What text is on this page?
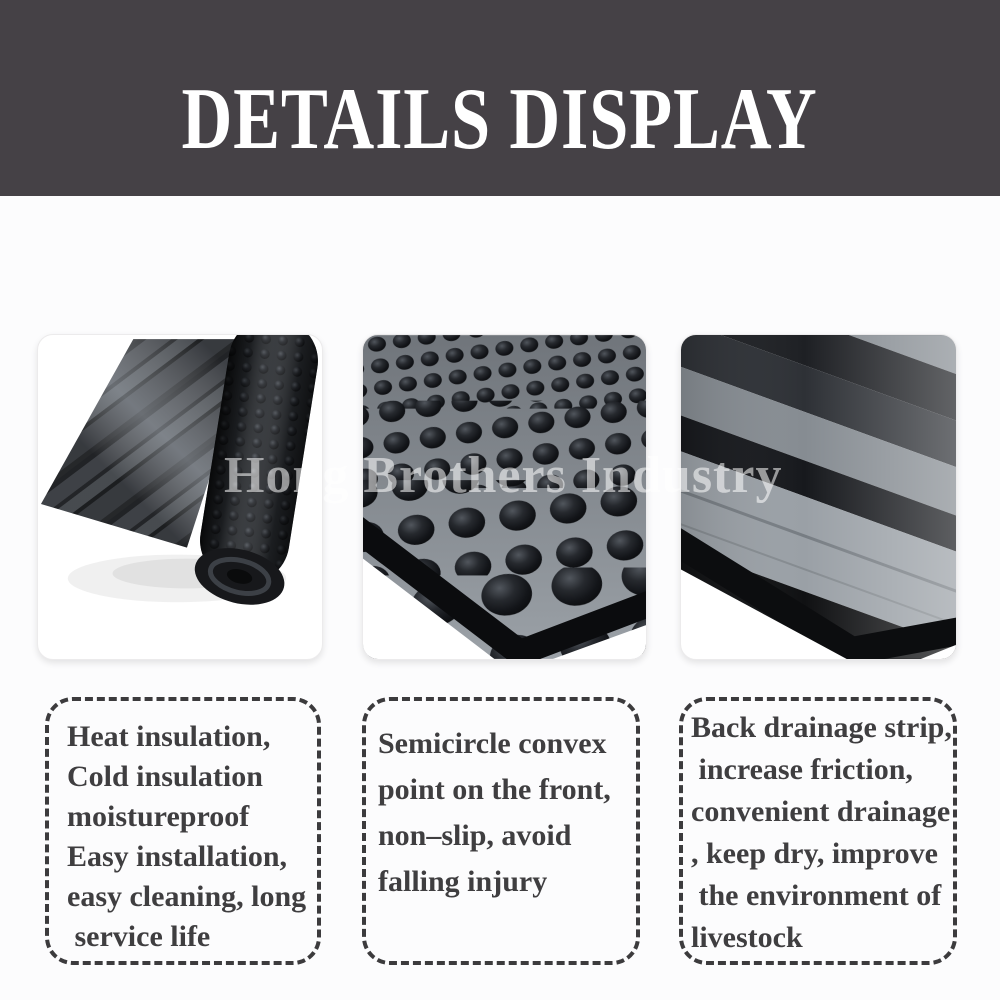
DETAILS DISPLAY
Hong Brothers Industry
Heat insulation,
Cold insulation
moistureproof
Easy installation,
easy cleaning, long
service life
Semicircle convex
point on the front,
non–slip, avoid
falling injury
Back drainage strip,
increase friction,
convenient drainage
, keep dry, improve
the environment of
livestock
